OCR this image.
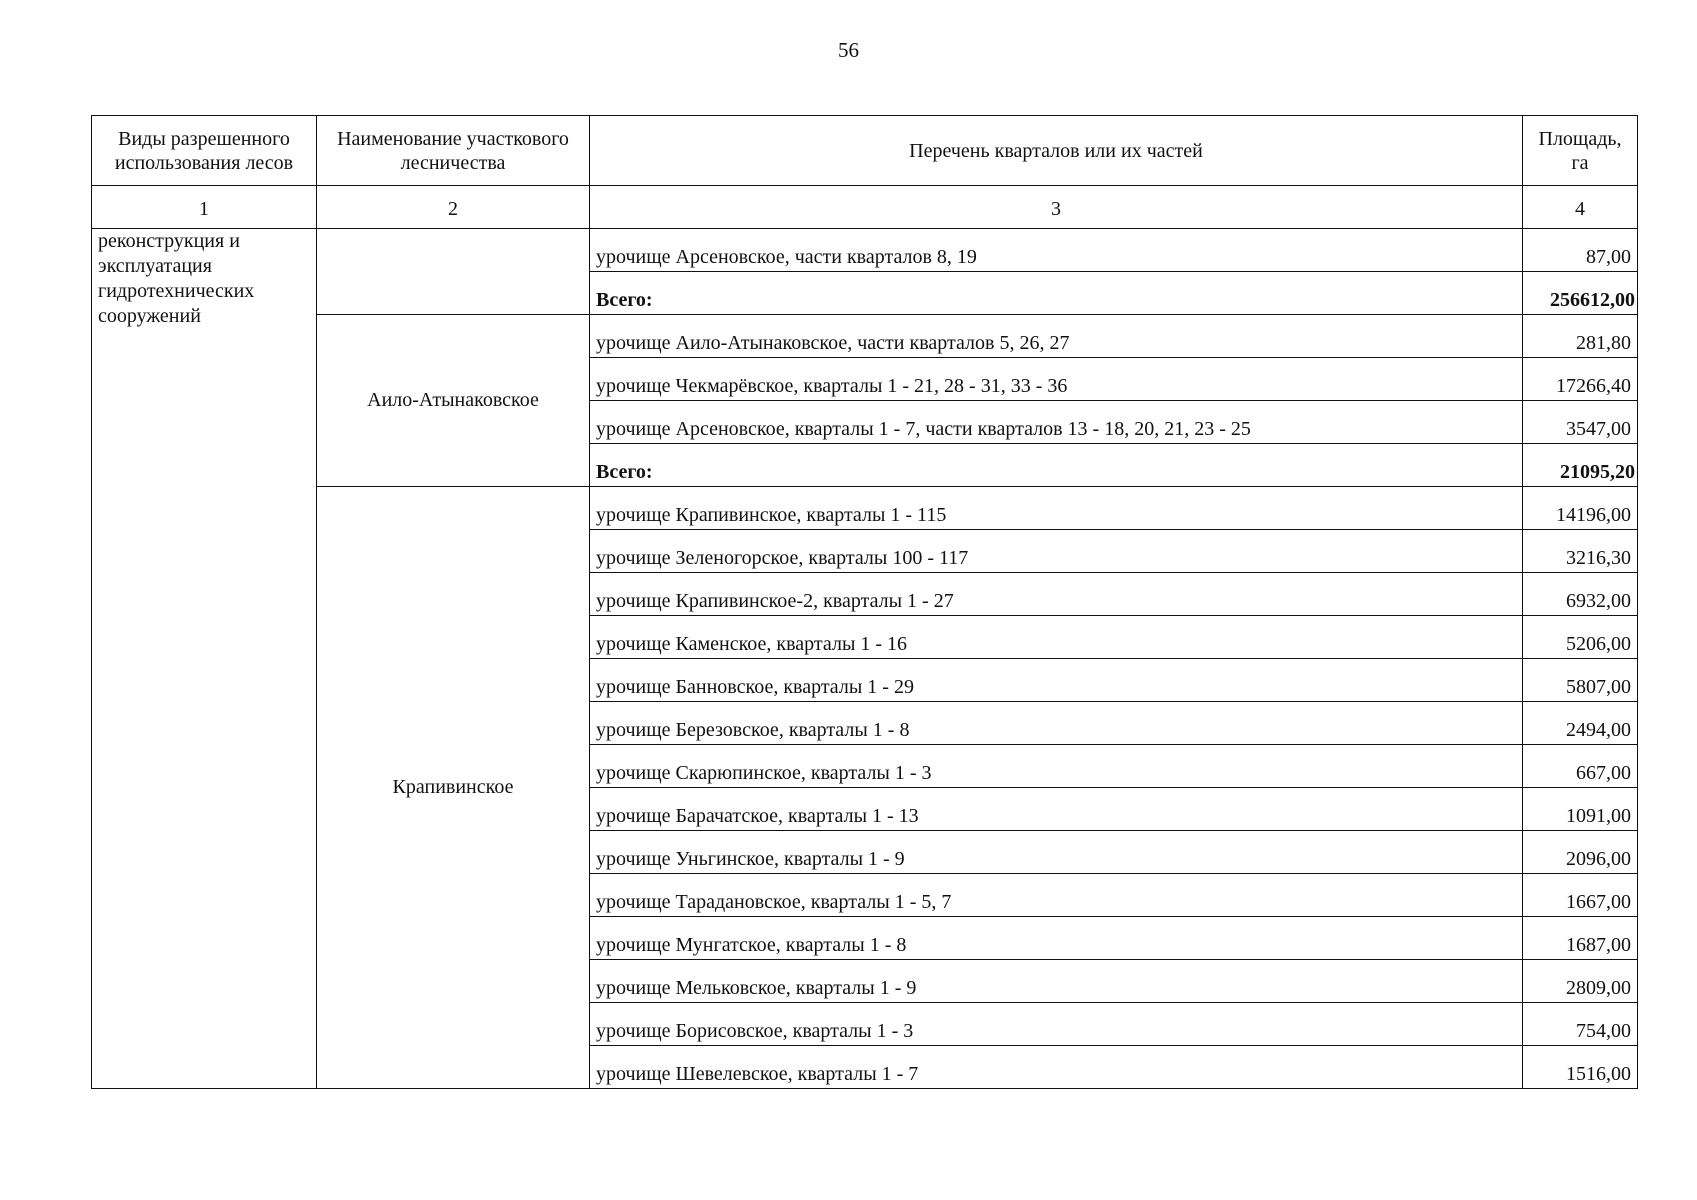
56
Виды разрешенного использования лесов	Наименование участкового лесничества	Перечень кварталов или их частей	Площадь, га
1	2	3	4
реконструкция и эксплуатация гидротехнических сооружений		урочище Арсеновское, части кварталов 8, 19	87,00
		Всего:	256612,00
	Аило-Атынаковское	урочище Аило-Атынаковское, части кварталов 5, 26, 27	281,80
		урочище Чекмарёвское, кварталы 1 - 21, 28 - 31, 33 - 36	17266,40
		урочище Арсеновское, кварталы 1 - 7, части кварталов 13 - 18, 20, 21, 23 - 25	3547,00
		Всего:	21095,20
	Крапивинское	урочище Крапивинское, кварталы 1 - 115	14196,00
		урочище Зеленогорское, кварталы 100 - 117	3216,30
		урочище Крапивинское-2, кварталы 1 - 27	6932,00
		урочище Каменское, кварталы 1 - 16	5206,00
		урочище Банновское, кварталы 1 - 29	5807,00
		урочище Березовское, кварталы 1 - 8	2494,00
		урочище Скарюпинское, кварталы 1 - 3	667,00
		урочище Барачатское, кварталы 1 - 13	1091,00
		урочище Уньгинское, кварталы 1 - 9	2096,00
		урочище Тараданoвское, кварталы 1 - 5, 7	1667,00
		урочище Мунгатское, кварталы 1 - 8	1687,00
		урочище Мельковское, кварталы 1 - 9	2809,00
		урочище Борисовское, кварталы 1 - 3	754,00
		урочище Шевелевское, кварталы 1 - 7	1516,00
